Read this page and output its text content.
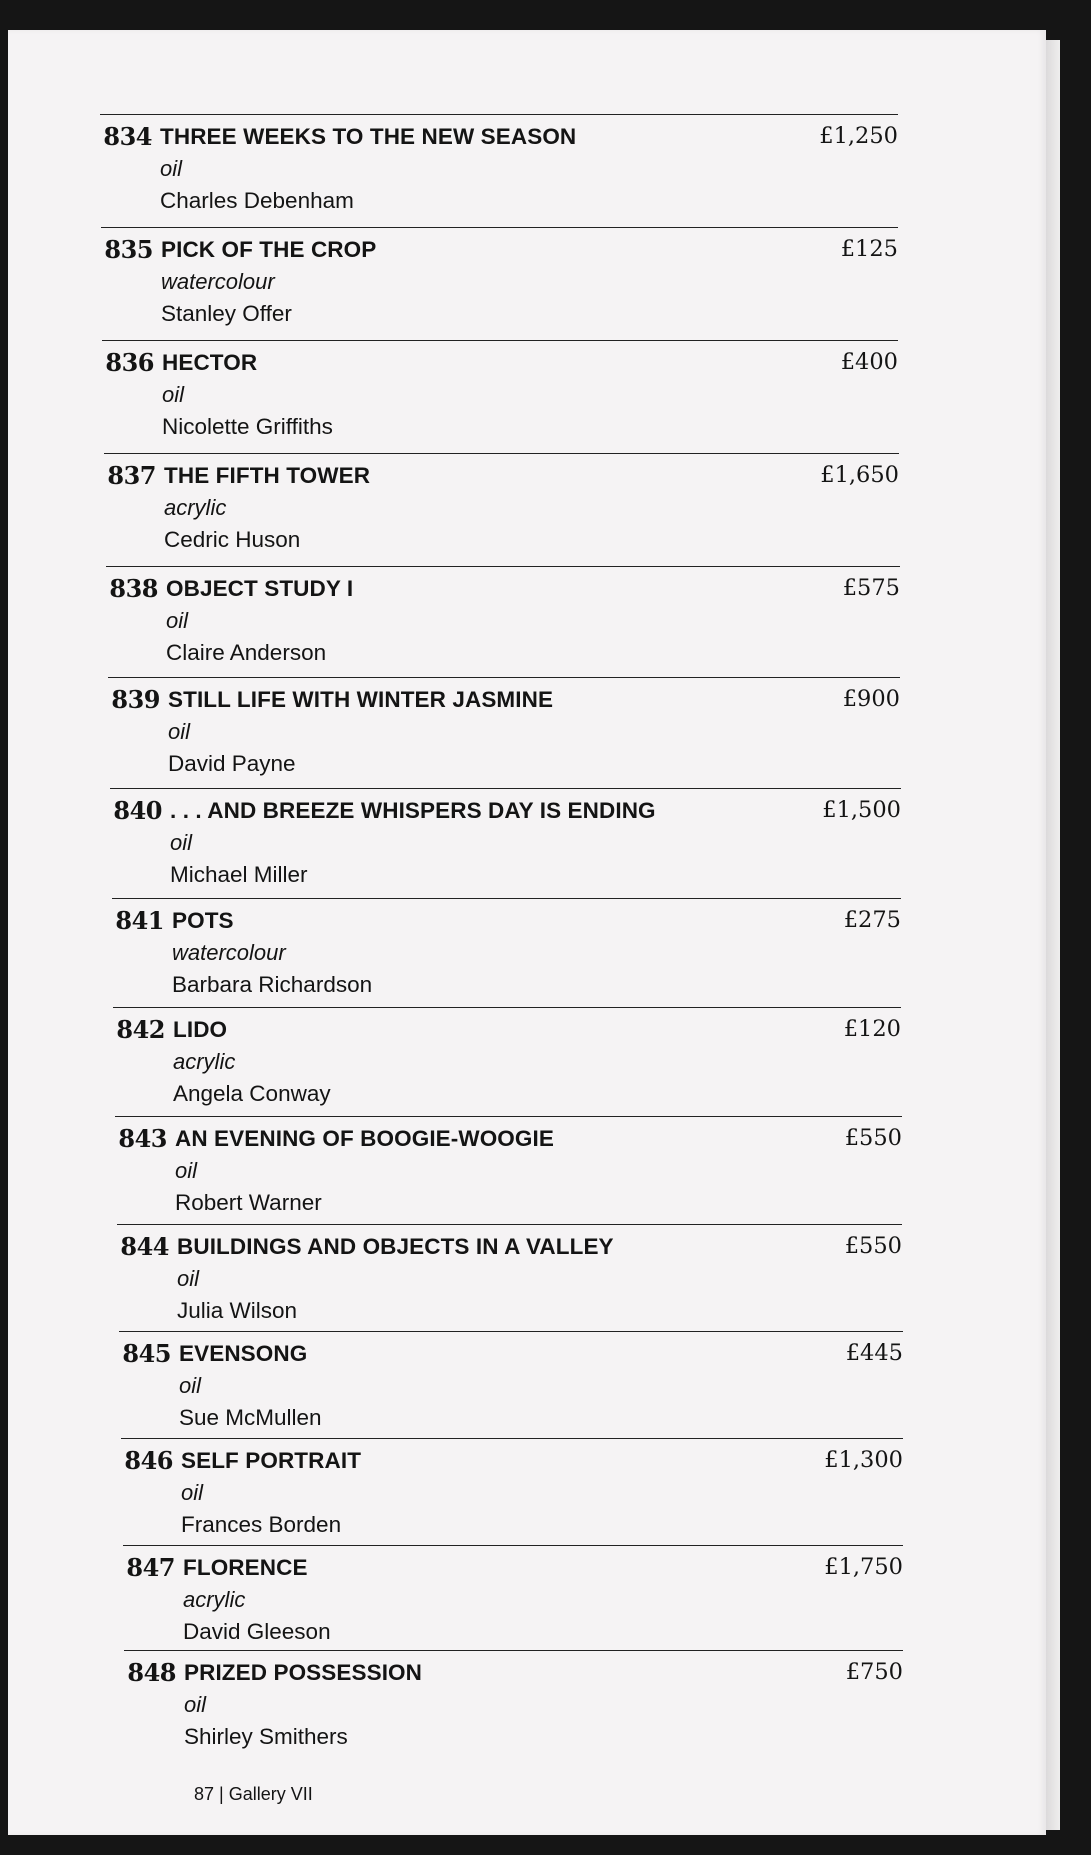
834 THREE WEEKS TO THE NEW SEASON
oil
Charles Debenham
£1,250
835 PICK OF THE CROP
watercolour
Stanley Offer
£125
836 HECTOR
oil
Nicolette Griffiths
£400
837 THE FIFTH TOWER
acrylic
Cedric Huson
£1,650
838 OBJECT STUDY I
oil
Claire Anderson
£575
839 STILL LIFE WITH WINTER JASMINE
oil
David Payne
£900
840 . . . AND BREEZE WHISPERS DAY IS ENDING
oil
Michael Miller
£1,500
841 POTS
watercolour
Barbara Richardson
£275
842 LIDO
acrylic
Angela Conway
£120
843 AN EVENING OF BOOGIE-WOOGIE
oil
Robert Warner
£550
844 BUILDINGS AND OBJECTS IN A VALLEY
oil
Julia Wilson
£550
845 EVENSONG
oil
Sue McMullen
£445
846 SELF PORTRAIT
oil
Frances Borden
£1,300
847 FLORENCE
acrylic
David Gleeson
£1,750
848 PRIZED POSSESSION
oil
Shirley Smithers
£750
87 | Gallery VII
